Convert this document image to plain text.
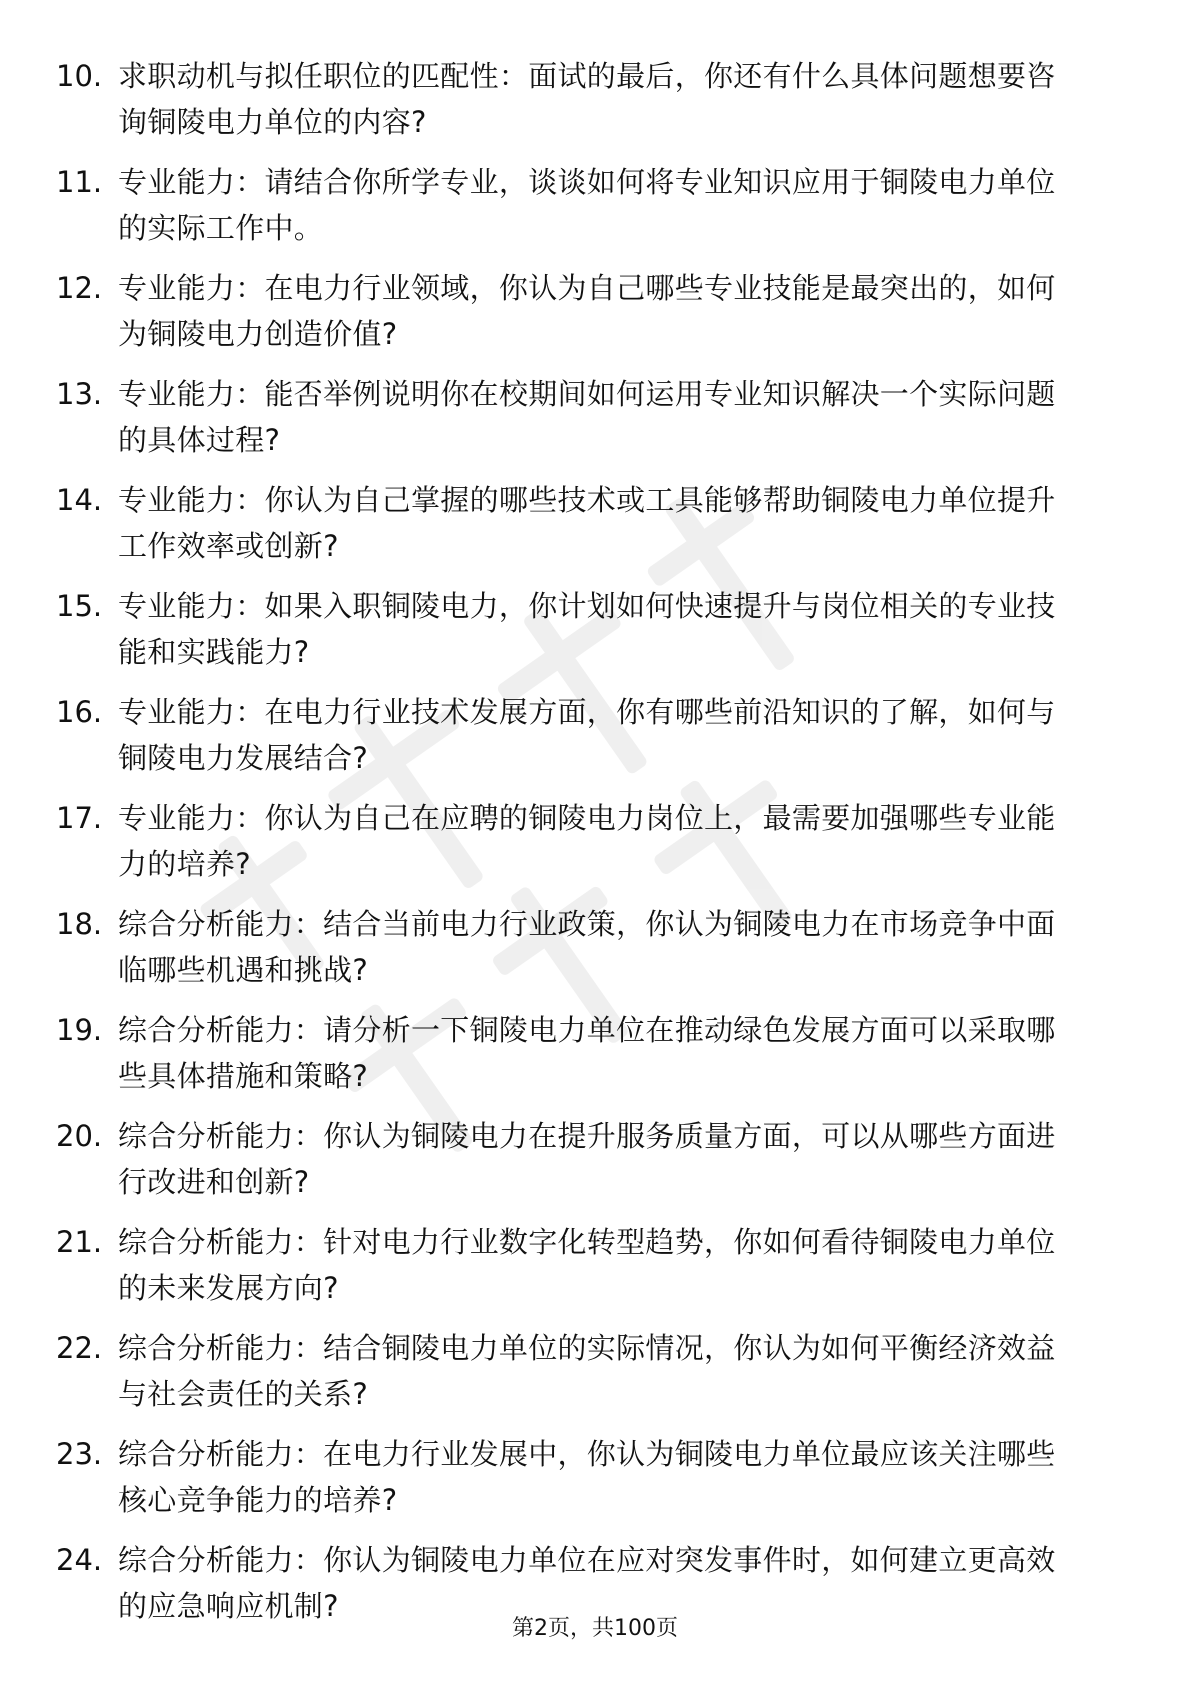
10. 求职动机与拟任职位的匹配性：面试的最后，你还有什么具体问题想要咨询铜陵电力单位的内容?
11. 专业能力：请结合你所学专业，谈谈如何将专业知识应用于铜陵电力单位的实际工作中。
12. 专业能力：在电力行业领域，你认为自己哪些专业技能是最突出的，如何为铜陵电力创造价值?
13. 专业能力：能否举例说明你在校期间如何运用专业知识解决一个实际问题的具体过程?
14. 专业能力：你认为自己掌握的哪些技术或工具能够帮助铜陵电力单位提升工作效率或创新?
15. 专业能力：如果入职铜陵电力，你计划如何快速提升与岗位相关的专业技能和实践能力?
16. 专业能力：在电力行业技术发展方面，你有哪些前沿知识的了解，如何与铜陵电力发展结合?
17. 专业能力：你认为自己在应聘的铜陵电力岗位上，最需要加强哪些专业能力的培养?
18. 综合分析能力：结合当前电力行业政策，你认为铜陵电力在市场竞争中面临哪些机遇和挑战?
19. 综合分析能力：请分析一下铜陵电力单位在推动绿色发展方面可以采取哪些具体措施和策略?
20. 综合分析能力：你认为铜陵电力在提升服务质量方面，可以从哪些方面进行改进和创新?
21. 综合分析能力：针对电力行业数字化转型趋势，你如何看待铜陵电力单位的未来发展方向?
22. 综合分析能力：结合铜陵电力单位的实际情况，你认为如何平衡经济效益与社会责任的关系?
23. 综合分析能力：在电力行业发展中，你认为铜陵电力单位最应该关注哪些核心竞争能力的培养?
24. 综合分析能力：你认为铜陵电力单位在应对突发事件时，如何建立更高效的应急响应机制?
第2页，共100页
